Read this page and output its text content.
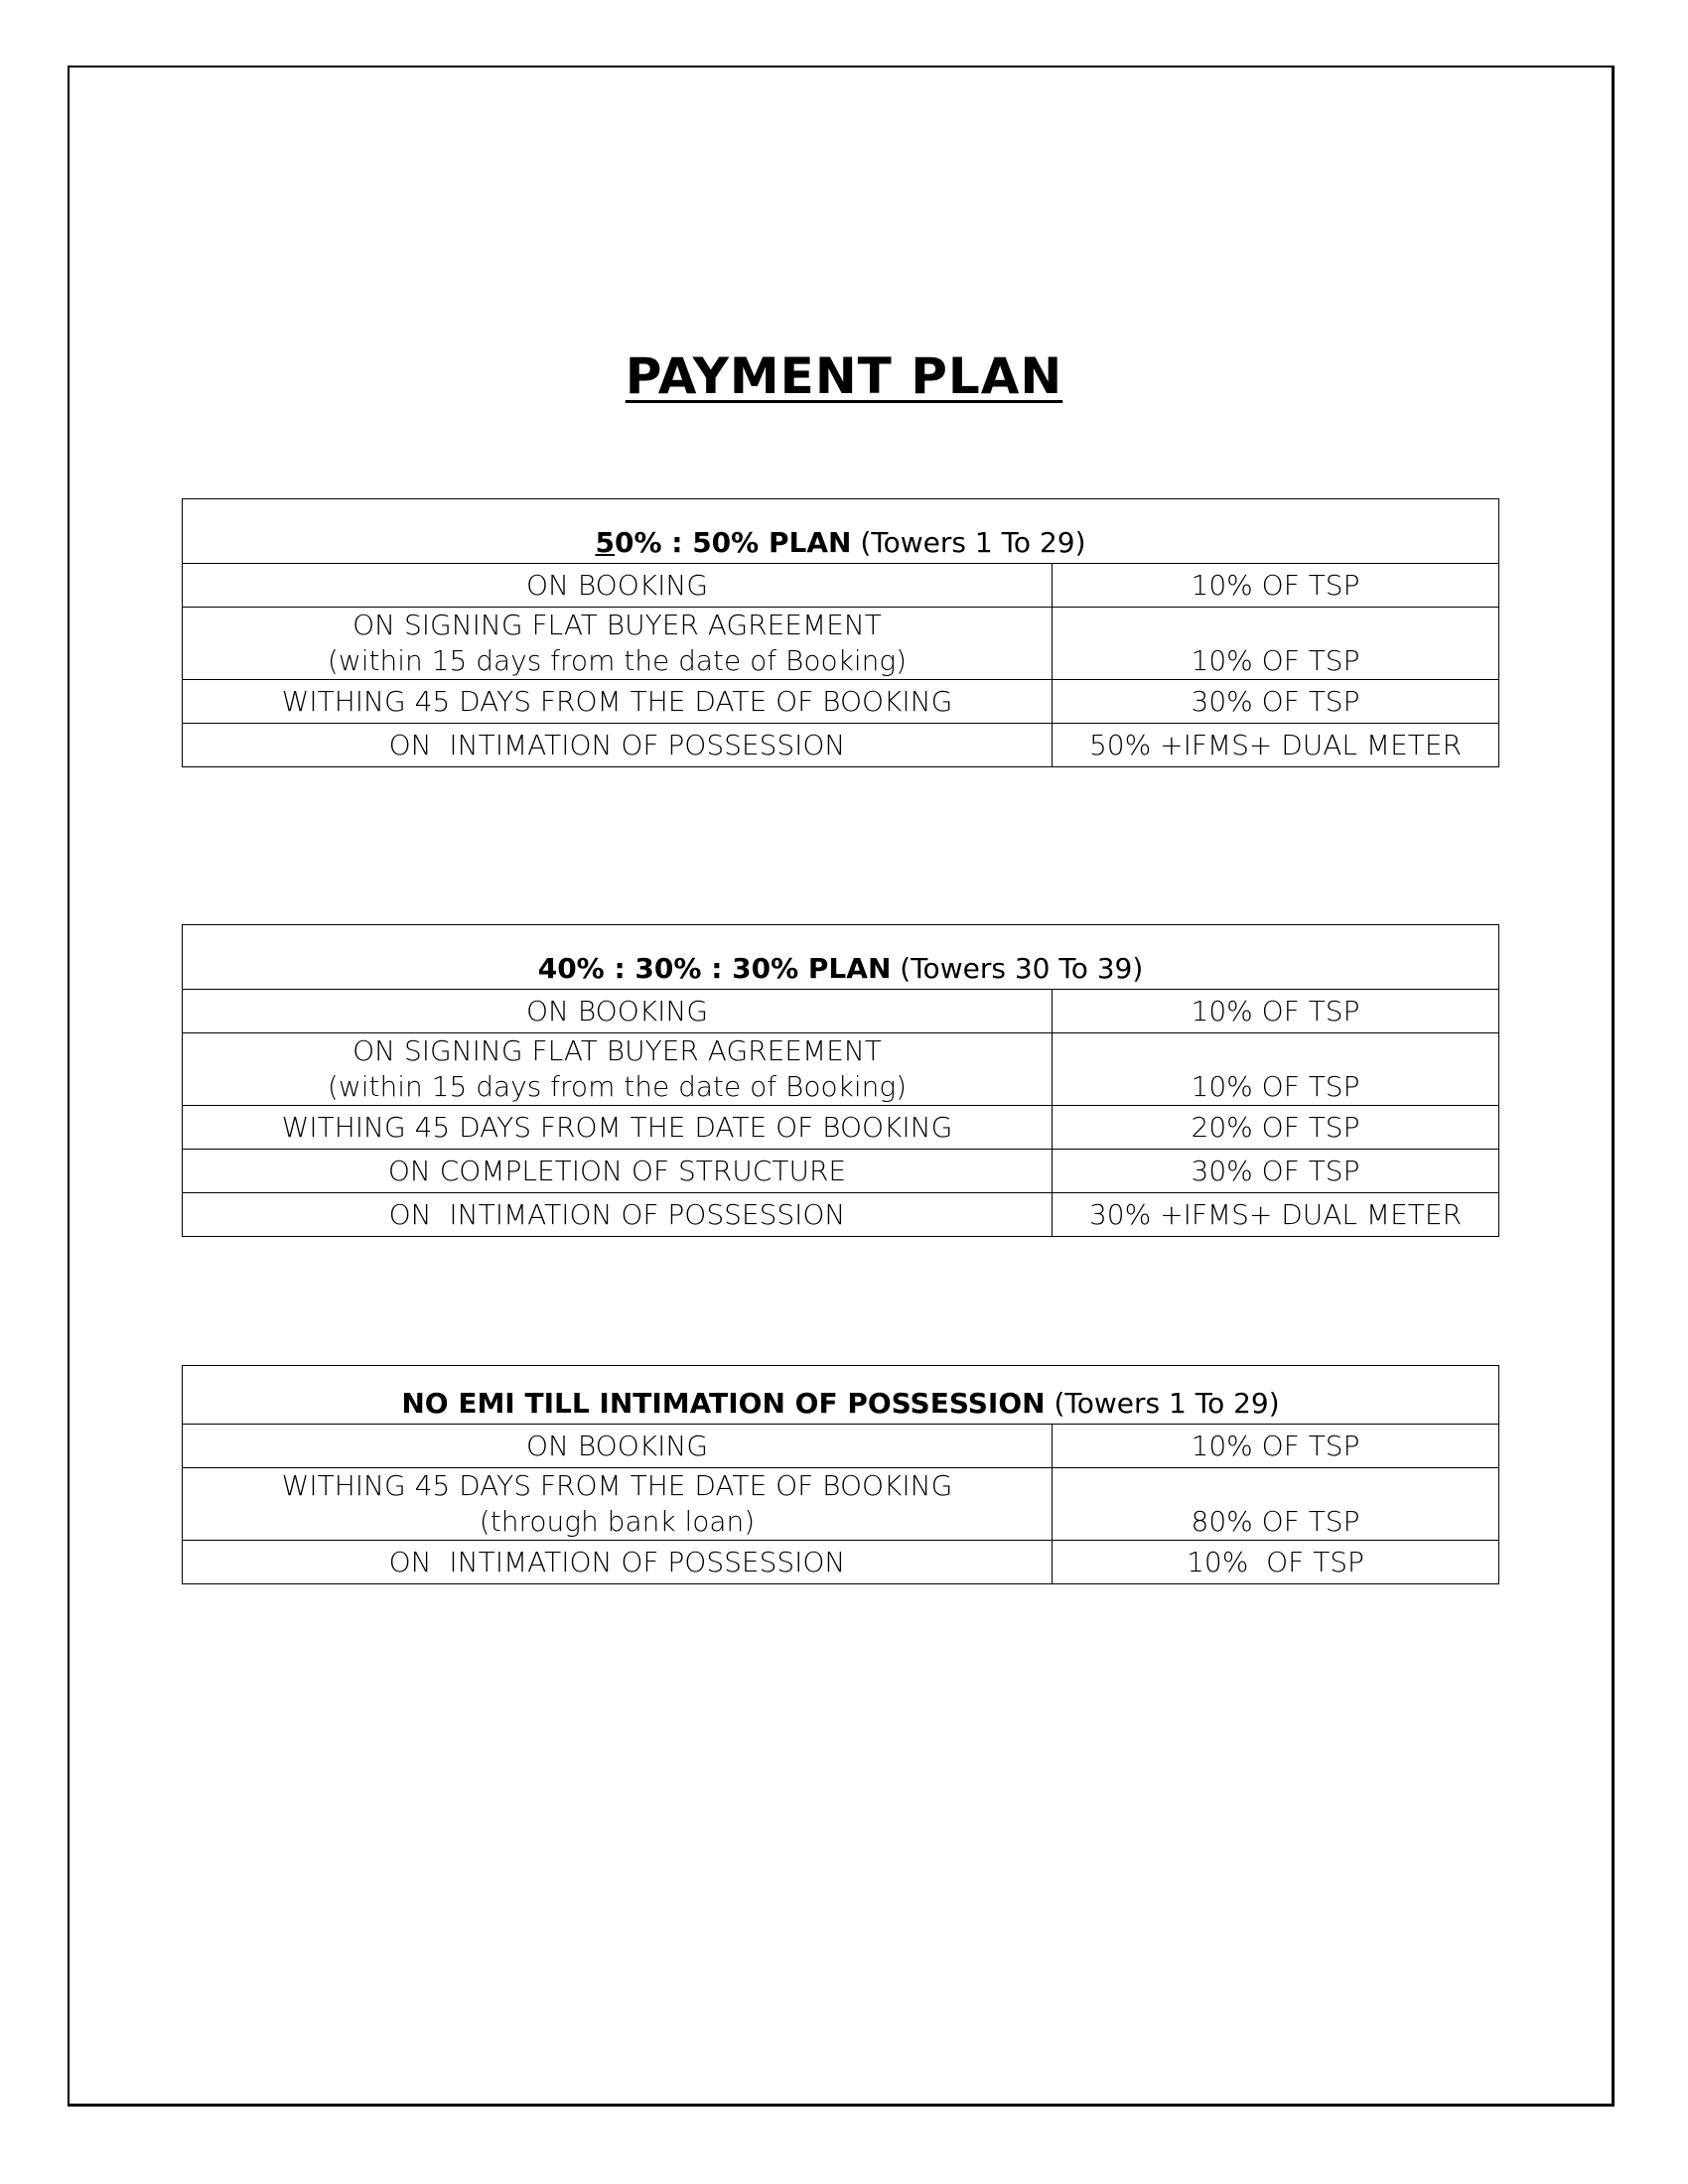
PAYMENT PLAN
50% : 50% PLAN (Towers 1 To 29)	
ON BOOKING	10% OF TSP

ON SIGNING FLAT BUYER AGREEMENT
(within 15 days from the date of Booking)	10% OF TSP
WITHING 45 DAYS FROM THE DATE OF BOOKING	30% OF TSP
ON  INTIMATION OF POSSESSION	50% +IFMS+ DUAL METER
40% : 30% : 30% PLAN (Towers 30 To 39)	
ON BOOKING	10% OF TSP

ON SIGNING FLAT BUYER AGREEMENT
(within 15 days from the date of Booking)	10% OF TSP
WITHING 45 DAYS FROM THE DATE OF BOOKING	20% OF TSP
ON COMPLETION OF STRUCTURE	30% OF TSP
ON  INTIMATION OF POSSESSION	30% +IFMS+ DUAL METER
NO EMI TILL INTIMATION OF POSSESSION (Towers 1 To 29)	
ON BOOKING	10% OF TSP

WITHING 45 DAYS FROM THE DATE OF BOOKING
(through bank loan)	80% OF TSP
ON  INTIMATION OF POSSESSION	10%  OF TSP
